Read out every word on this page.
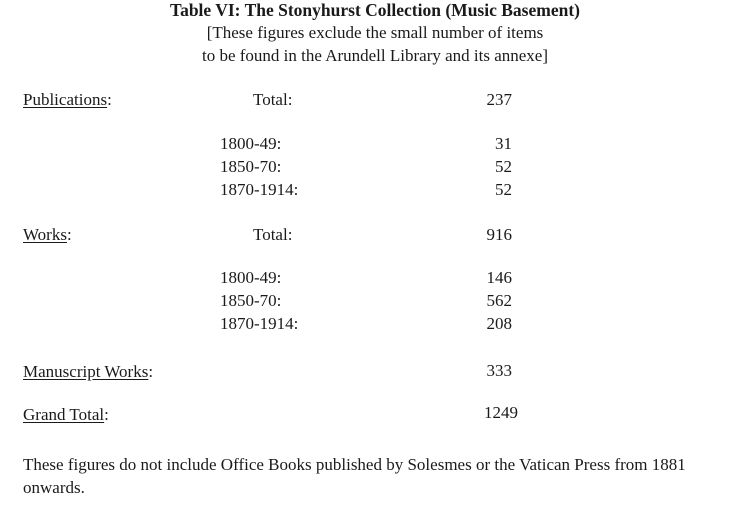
Table VI: The Stonyhurst Collection (Music Basement)
[These figures exclude the small number of items
to be found in the Arundell Library and its annexe]
Publications:	Total:	237
1800-49:	31
1850-70:	52
1870-1914:	52
Works:	Total:	916
1800-49:	146
1850-70:	562
1870-1914:	208
Manuscript Works:	333
Grand Total:	1249
These figures do not include Office Books published by Solesmes or the Vatican Press from 1881 onwards.
